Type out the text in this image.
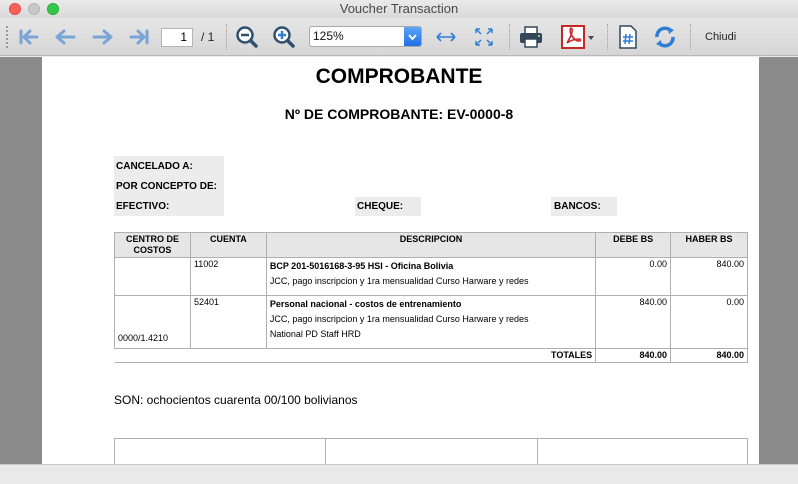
Voucher Transaction
1	/ 1	125%	Chiudi
COMPROBANTE
Nº DE COMPROBANTE: EV-0000-8
CANCELADO A:
POR CONCEPTO DE:
EFECTIVO:	CHEQUE:	BANCOS:
CENTRO DE COSTOS	CUENTA	DESCRIPCION	DEBE BS	HABER BS
	11002	BCP 201-5016168-3-95 HSI - Oficina Bolivia
JCC, pago inscripcion y 1ra mensualidad Curso Harware y redes	0.00	840.00
0000/1.4210	52401	Personal nacional - costos de entrenamiento
JCC, pago inscripcion y 1ra mensualidad Curso Harware y redes
National PD Staff HRD	840.00	0.00
TOTALES			840.00	840.00
SON: ochocientos cuarenta 00/100 bolivianos
